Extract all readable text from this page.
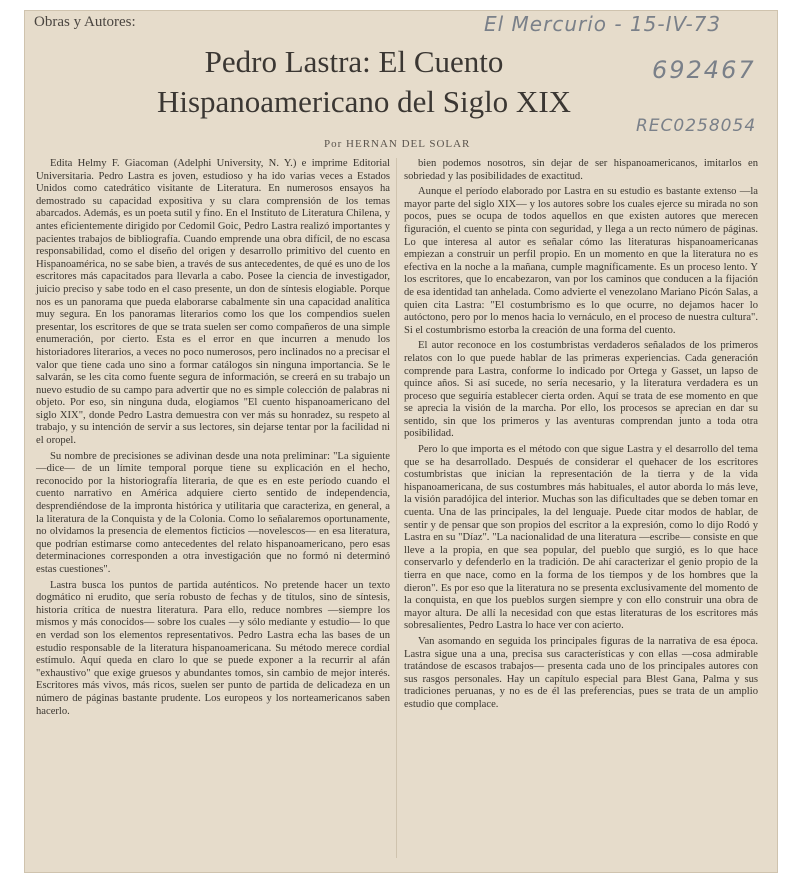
Obras y Autores:	El Mercurio - 15-IV-73
692467
REC0258054
Pedro Lastra: El Cuento
Hispanoamericano del Siglo XIX
Por HERNAN DEL SOLAR

Edita Helmy F. Giacoman (Adelphi University, N. Y.) e imprime Editorial Universitaria. Pedro Lastra es joven, estudioso y ha ido varias veces a Estados Unidos como catedrático visitante de Literatura. En numerosos ensayos ha demostrado su capacidad expositiva y su clara comprensión de los temas abarcados. Además, es un poeta sutil y fino. En el Instituto de Literatura Chilena, y antes eficientemente dirigido por Cedomil Goic, Pedro Lastra realizó importantes y pacientes trabajos de bibliografía. Cuando emprende una obra difícil, de no escasa responsabilidad, como el diseño del origen y desarrollo primitivo del cuento en Hispanoamérica, no se sabe bien, a través de sus antecedentes, de qué es uno de los escritores más capacitados para llevarla a cabo. Posee la ciencia de investigador, juicio preciso y sabe todo en el caso presente, un don de síntesis elogiable. Porque nos es un panorama que pueda elaborarse cabalmente sin una capacidad analítica muy segura. En los panoramas literarios como los que los compendios suelen presentar, los escritores de que se trata suelen ser como compañeros de una simple enumeración, por cierto. Esta es el error en que incurren a menudo los historiadores literarios, a veces no poco numerosos, pero inclinados no a precisar el valor que tiene cada uno sino a formar catálogos sin ninguna importancia. Se le salvarán, se les cita como fuente segura de información, se creerá en su trabajo un nuevo estudio de su campo para advertir que no es simple colección de palabras ni objeto. Por eso, sin ninguna duda, elogiamos "El cuento hispanoamericano del siglo XIX", donde Pedro Lastra demuestra con ver más su honradez, su respeto al trabajo, y su intención de servir a sus lectores, sin dejarse tentar por la facilidad ni el oropel.

Su nombre de precisiones se adivinan desde una nota preliminar: "La siguiente —dice— de un límite temporal porque tiene su explicación en el hecho, reconocido por la historiografía literaria, de que es en este período cuando el cuento narrativo en América adquiere cierto sentido de independencia, desprendiéndose de la impronta histórica y utilitaria que caracteriza, en general, a la literatura de la Conquista y de la Colonia. Como lo señalaremos oportunamente, no olvidamos la presencia de elementos ficticios —novelescos— en esa literatura, que podrían estimarse como antecedentes del relato hispanoamericano, pero esas determinaciones corresponden a otra investigación que no formó ni determinó estas cuestiones".

Lastra busca los puntos de partida auténticos. No pretende hacer un texto dogmático ni erudito, que sería robusto de fechas y de títulos, sino de síntesis, historia crítica de nuestra literatura. Para ello, reduce nombres —siempre los mismos y más conocidos— sobre los cuales —y sólo mediante y estudio— lo que en verdad son los elementos representativos. Pedro Lastra echa las bases de un estudio responsable de la literatura hispanoamericana. Su método merece cordial estímulo. Aquí queda en claro lo que se puede exponer a la recurrir al afán "exhaustivo" que exige gruesos y abundantes tomos, sin cambio de mejor interés. Escritores más vivos, más ricos, suelen ser punto de partida de delicadeza en un número de páginas bastante prudente. Los europeos y los norteamericanos saben hacerlo.

bien podemos nosotros, sin dejar de ser hispanoamericanos, imitarlos en sobriedad y las posibilidades de exactitud.

Aunque el período elaborado por Lastra en su estudio es bastante extenso —la mayor parte del siglo XIX— y los autores sobre los cuales ejerce su mirada no son pocos, pues se ocupa de todos aquellos en que existen autores que merecen figuración, el cuento se pinta con seguridad, y llega a un recto número de páginas. Lo que interesa al autor es señalar cómo las literaturas hispanoamericanas empiezan a construir un perfil propio. En un momento en que la literatura no es efectiva en la noche a la mañana, cumple magníficamente. Es un proceso lento. Y los escritores, que lo encabezaron, van por los caminos que conducen a la fijación de esa identidad tan anhelada. Como advierte el venezolano Mariano Picón Salas, a quien cita Lastra: "El costumbrismo es lo que ocurre, no dejamos hacer lo autóctono, pero por lo menos hacia lo vernáculo, en el proceso de nuestra cultura". Si el costumbrismo estorba la creación de una forma del cuento.

El autor reconoce en los costumbristas verdaderos señalados de los primeros relatos con lo que puede hablar de las primeras experiencias. Cada generación comprende para Lastra, conforme lo indicado por Ortega y Gasset, un lapso de quince años. Si así sucede, no sería necesario, y la literatura verdadera es un proceso que seguiría establecer cierta orden. Aquí se trata de ese momento en que se aprecia la visión de la marcha. Por ello, los procesos se aprecian en dar su sentido, sin que los primeros y las aventuras comprendan junto a toda otra posibilidad.

Pero lo que importa es el método con que sigue Lastra y el desarrollo del tema que se ha desarrollado. Después de considerar el quehacer de los escritores costumbristas que inician la representación de la tierra y de la vida hispanoamericana, de sus costumbres más habituales, el autor aborda lo más leve, la visión paradójica del interior. Muchas son las dificultades que se deben tomar en cuenta. Una de las principales, la del lenguaje. Puede citar modos de hablar, de sentir y de pensar que son propios del escritor a la expresión, como lo dijo Rodó y Lastra en su "Díaz". "La nacionalidad de una literatura —escribe— consiste en que lleve a la propia, en que sea popular, del pueblo que surgió, es lo que hace conservarlo y defenderlo en la tradición. De ahí caracterizar el genio propio de la tierra en que nace, como en la forma de los tiempos y de los hombres que la dieron". Es por eso que la literatura no se presenta exclusivamente del momento de la conquista, en que los pueblos surgen siempre y con ello construir una obra de mayor altura. De allí la necesidad con que estas literaturas de los escritores más sobresalientes, Pedro Lastra lo hace ver con acierto.

Van asomando en seguida los principales figuras de la narrativa de esa época. Lastra sigue una a una, precisa sus características y con ellas —cosa admirable tratándose de escasos trabajos— presenta cada uno de los principales autores con sus rasgos personales. Hay un capítulo especial para Blest Gana, Palma y sus tradiciones peruanas, y no es de él las preferencias, pues se trata de un amplio estudio que complace.
